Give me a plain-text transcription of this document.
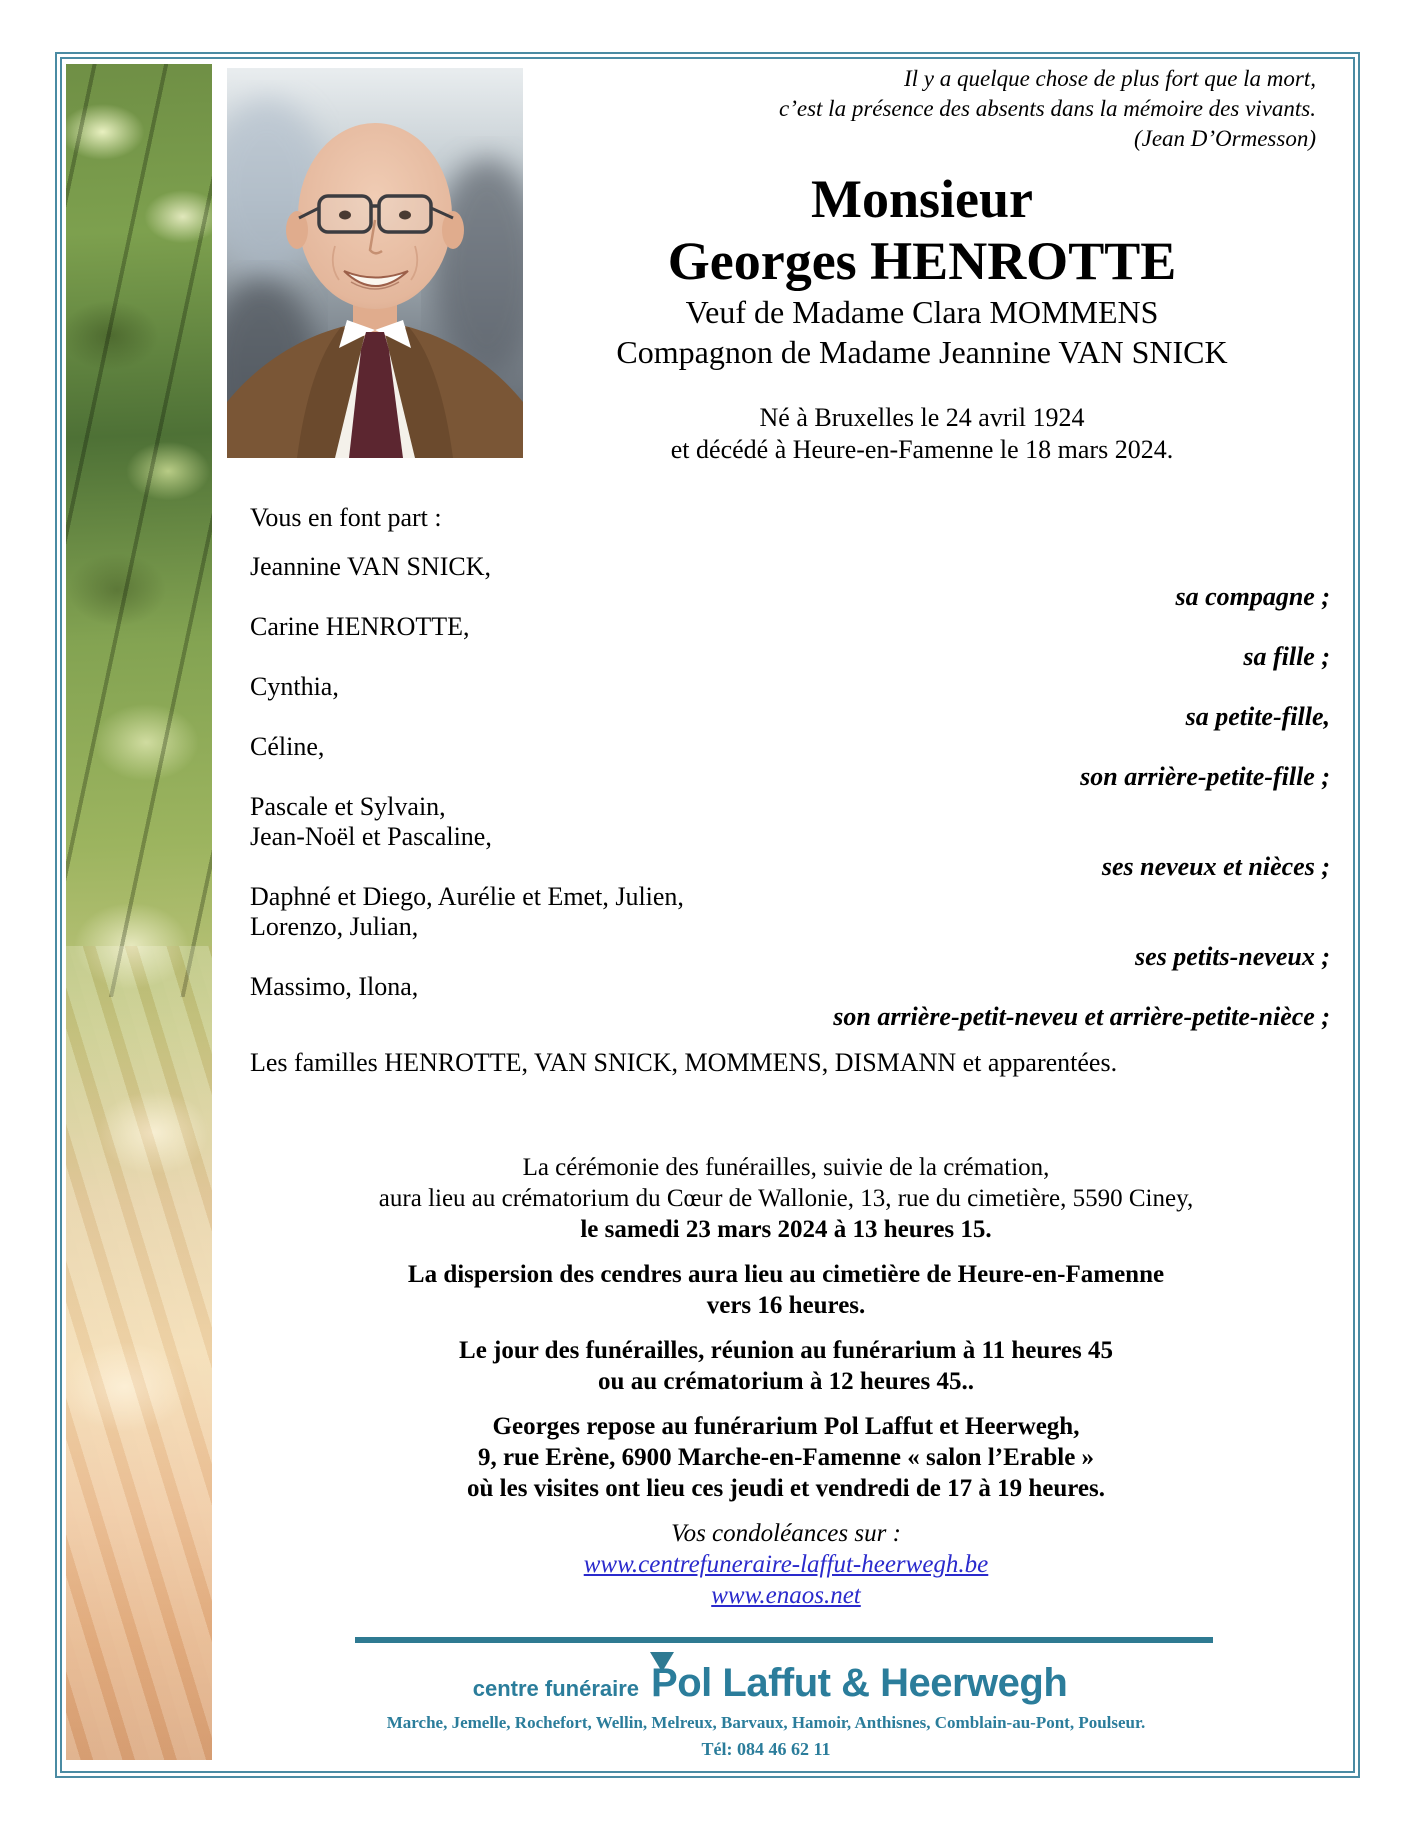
Il y a quelque chose de plus fort que la mort,
c’est la présence des absents dans la mémoire des vivants.
(Jean D’Ormesson)
Monsieur
Georges HENROTTE
Veuf de Madame Clara MOMMENS
Compagnon de Madame Jeannine VAN SNICK
Né à Bruxelles le 24 avril 1924
et décédé à Heure-en-Famenne le 18 mars 2024.
Vous en font part :
Jeannine VAN SNICK,
sa compagne ;
Carine HENROTTE,
sa fille ;
Cynthia,
sa petite-fille,
Céline,
son arrière-petite-fille ;
Pascale et Sylvain,
Jean-Noël et Pascaline,
ses neveux et nièces ;
Daphné et Diego, Aurélie et Emet, Julien,
Lorenzo, Julian,
ses petits-neveux ;
Massimo, Ilona,
son arrière-petit-neveu et arrière-petite-nièce ;
Les familles HENROTTE, VAN SNICK, MOMMENS, DISMANN et apparentées.
La cérémonie des funérailles, suivie de la crémation,
aura lieu au crématorium du Cœur de Wallonie, 13, rue du cimetière, 5590 Ciney,
le samedi 23 mars 2024 à 13 heures 15.
La dispersion des cendres aura lieu au cimetière de Heure-en-Famenne
vers 16 heures.
Le jour des funérailles, réunion au funérarium à 11 heures 45
ou au crématorium à 12 heures 45..
Georges repose au funérarium Pol Laffut et Heerwegh,
9, rue Erène, 6900 Marche-en-Famenne « salon l’Erable »
où les visites ont lieu ces jeudi et vendredi de 17 à 19 heures.
Vos condoléances sur :
www.centrefuneraire-laffut-heerwegh.be
www.enaos.net
centre funéraire Pol Laffut & Heerwegh
Marche, Jemelle, Rochefort, Wellin, Melreux, Barvaux, Hamoir, Anthisnes, Comblain-au-Pont, Poulseur.
Tél: 084 46 62 11
